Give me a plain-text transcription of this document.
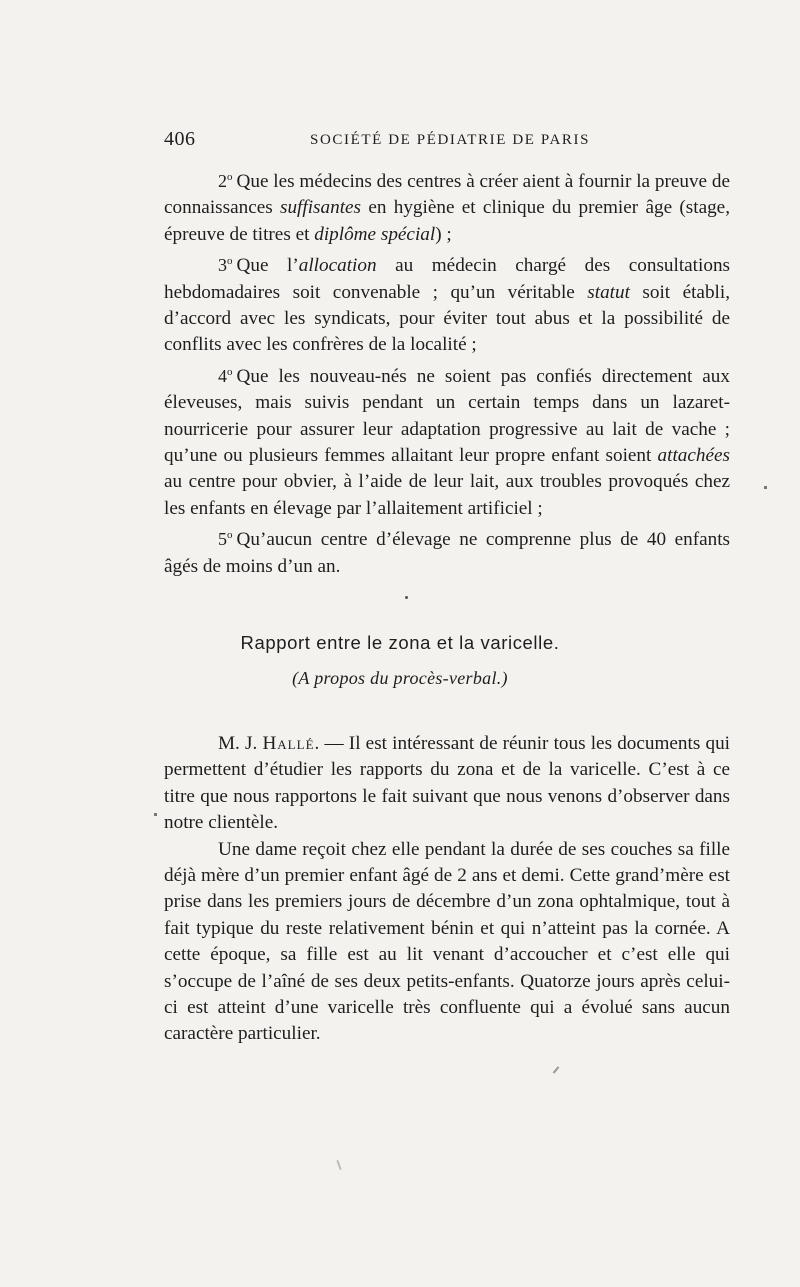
406	SOCIÉTÉ DE PÉDIATRIE DE PARIS

2$^o$ Que les médecins des centres à créer aient à fournir la preuve de connaissances suffisantes en hygiène et clinique du premier âge (stage, épreuve de titres et diplôme spécial) ;

3$^o$ Que l’allocation au médecin chargé des consultations hebdomadaires soit convenable ; qu’un véritable statut soit établi, d’accord avec les syndicats, pour éviter tout abus et la possibilité de conflits avec les confrères de la localité ;

4$^o$ Que les nouveau-nés ne soient pas confiés directement aux éleveuses, mais suivis pendant un certain temps dans un lazaret-nourricerie pour assurer leur adaptation progressive au lait de vache ; qu’une ou plusieurs femmes allaitant leur propre enfant soient attachées au centre pour obvier, à l’aide de leur lait, aux troubles provoqués chez les enfants en élevage par l’allaitement artificiel ;

5$^o$ Qu’aucun centre d’élevage ne comprenne plus de 40 enfants âgés de moins d’un an.

Rapport entre le zona et la varicelle.
(A propos du procès-verbal.)

M. J. Hallé. — Il est intéressant de réunir tous les documents qui permettent d’étudier les rapports du zona et de la varicelle. C’est à ce titre que nous rapportons le fait suivant que nous venons d’observer dans notre clientèle.

Une dame reçoit chez elle pendant la durée de ses couches sa fille déjà mère d’un premier enfant âgé de 2 ans et demi. Cette grand’mère est prise dans les premiers jours de décembre d’un zona ophtalmique, tout à fait typique du reste relativement bénin et qui n’atteint pas la cornée. A cette époque, sa fille est au lit venant d’accoucher et c’est elle qui s’occupe de l’aîné de ses deux petits-enfants. Quatorze jours après celui-ci est atteint d’une varicelle très confluente qui a évolué sans aucun caractère particulier.
